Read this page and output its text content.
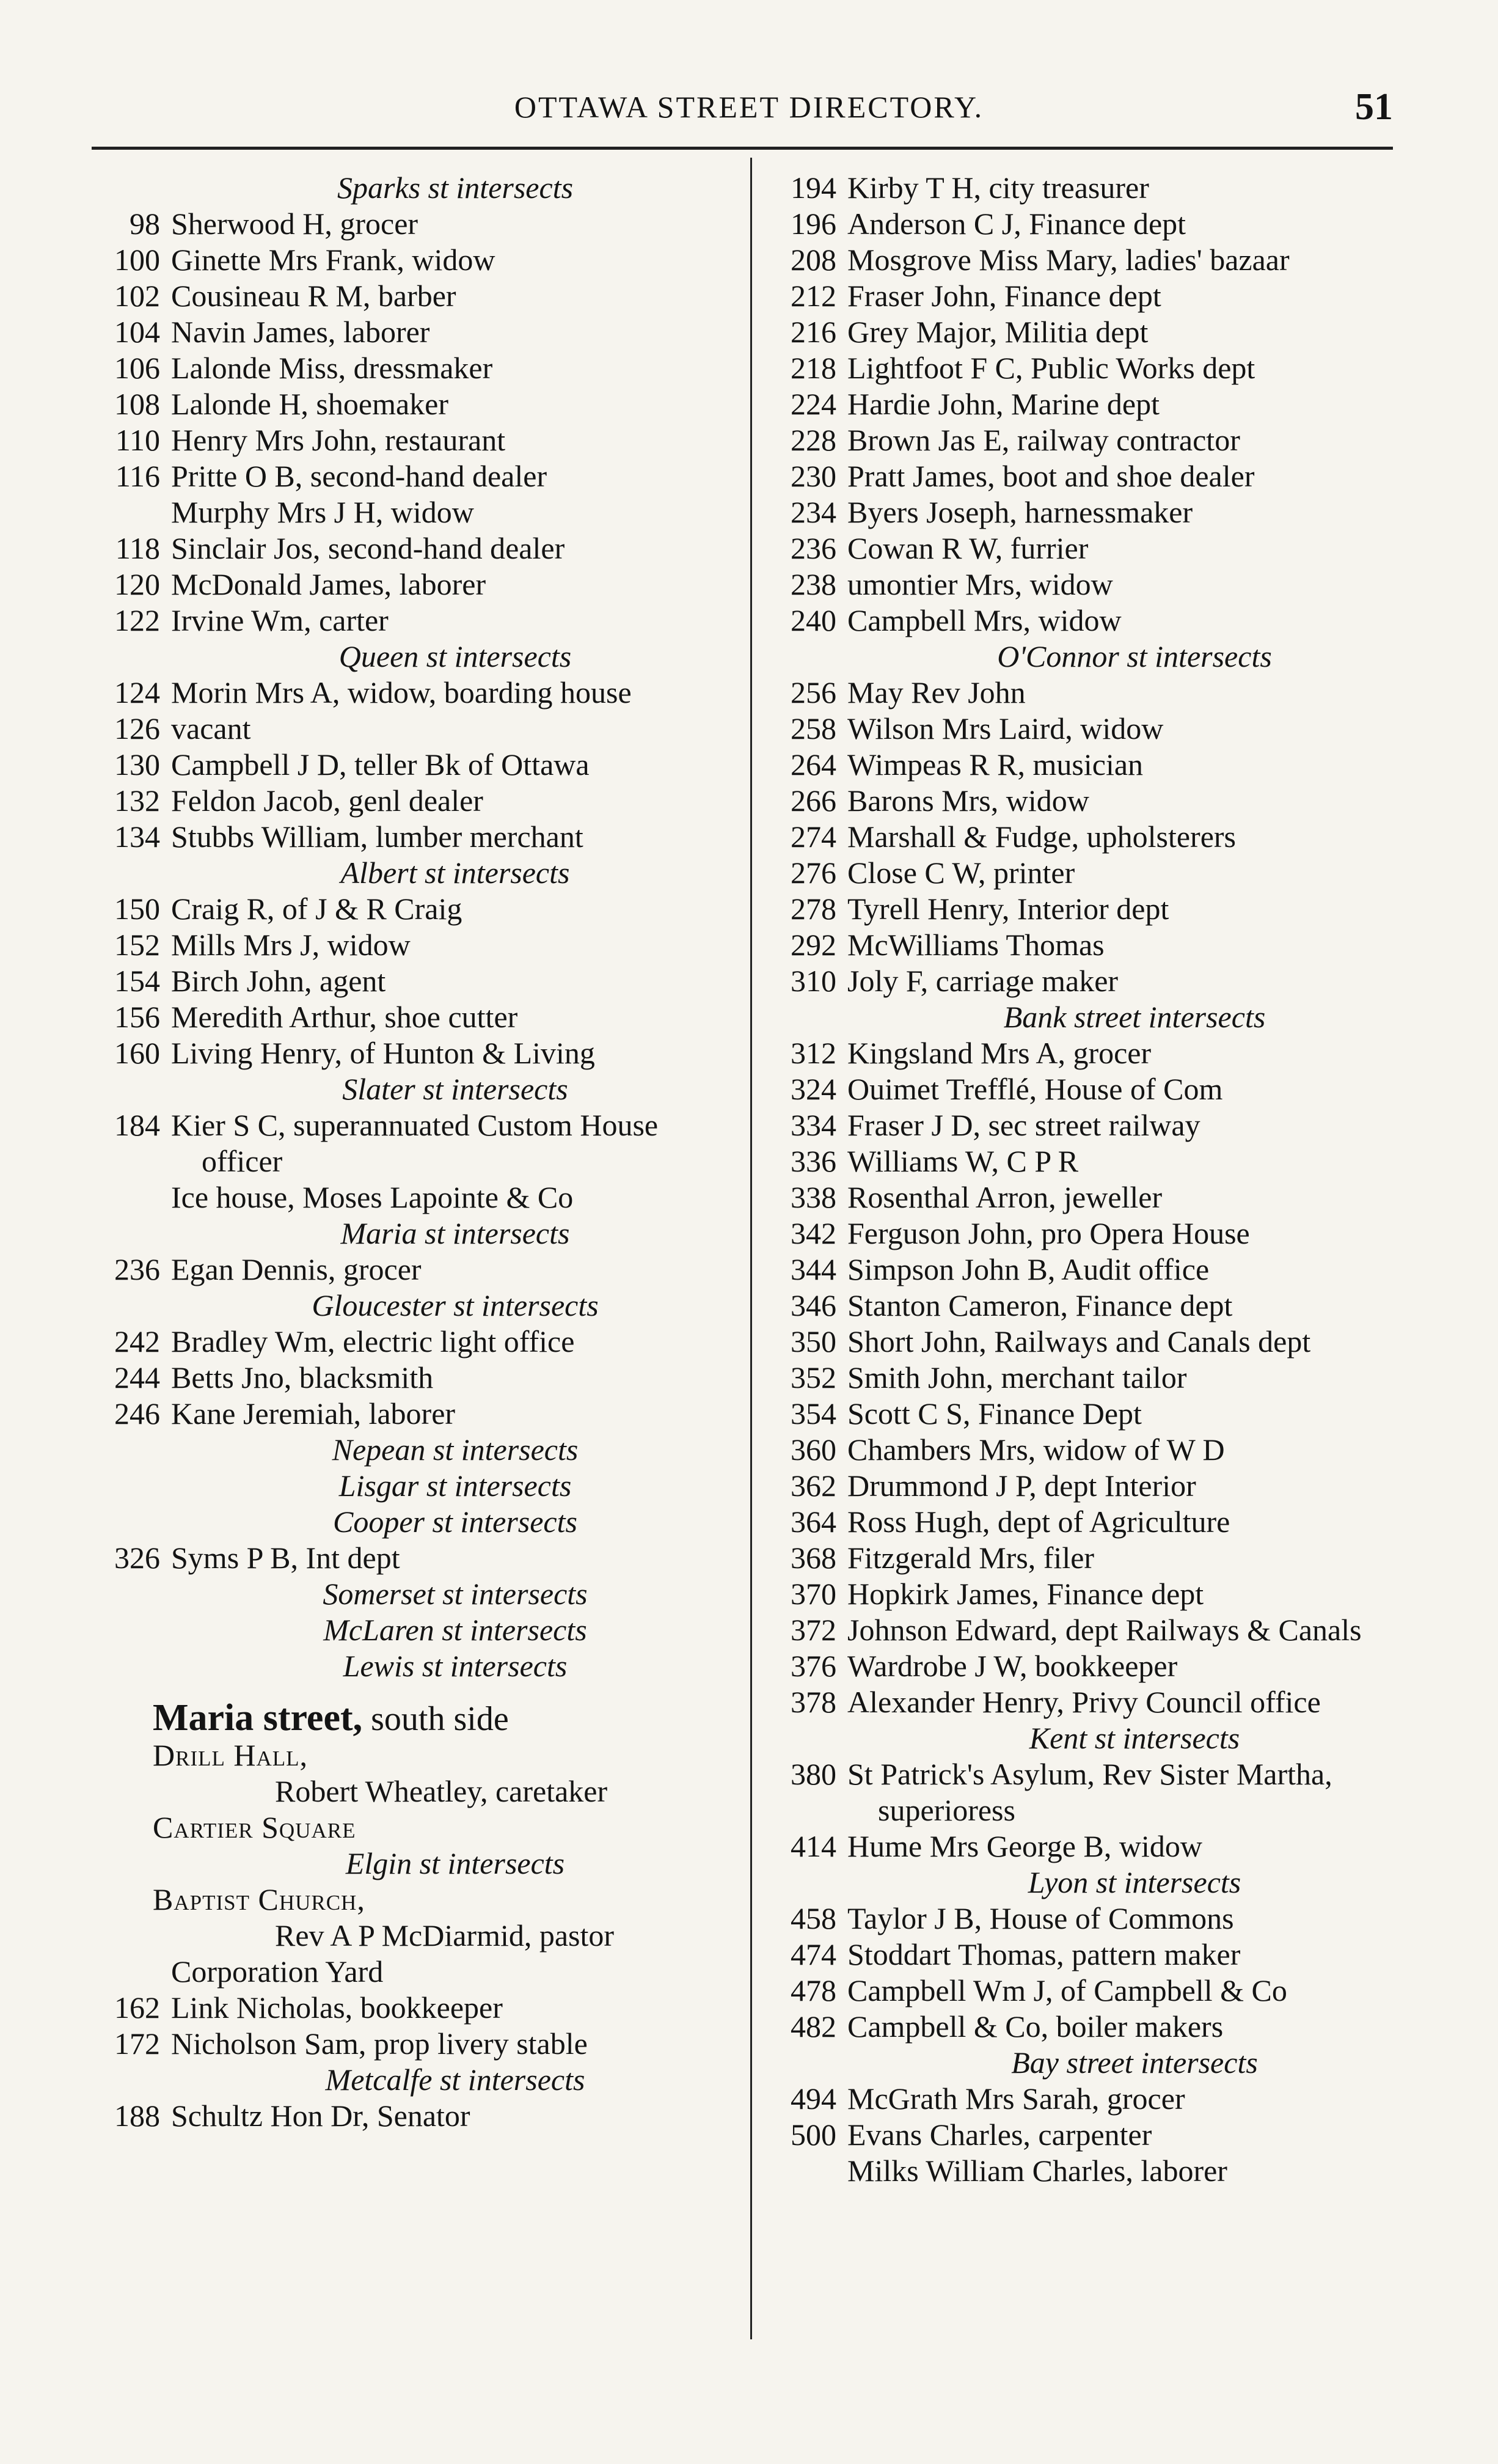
OTTAWA STREET DIRECTORY.	51
Sparks st intersects
98 Sherwood H, grocer
100 Ginette Mrs Frank, widow
102 Cousineau R M, barber
104 Navin James, laborer
106 Lalonde Miss, dressmaker
108 Lalonde H, shoemaker
110 Henry Mrs John, restaurant
116 Pritte O B, second-hand dealer
Murphy Mrs J H, widow
118 Sinclair Jos, second-hand dealer
120 McDonald James, laborer
122 Irvine Wm, carter
Queen st intersects
124 Morin Mrs A, widow, boarding house
126 vacant
130 Campbell J D, teller Bk of Ottawa
132 Feldon Jacob, genl dealer
134 Stubbs William, lumber merchant
Albert st intersects
150 Craig R, of J & R Craig
152 Mills Mrs J, widow
154 Birch John, agent
156 Meredith Arthur, shoe cutter
160 Living Henry, of Hunton & Living
Slater st intersects
184 Kier S C, superannuated Custom House officer
Ice house, Moses Lapointe & Co
Maria st intersects
236 Egan Dennis, grocer
Gloucester st intersects
242 Bradley Wm, electric light office
244 Betts Jno, blacksmith
246 Kane Jeremiah, laborer
Nepean st intersects
Lisgar st intersects
Cooper st intersects
326 Syms P B, Int dept
Somerset st intersects
McLaren st intersects
Lewis st intersects
Maria street, south side
Drill Hall,
Robert Wheatley, caretaker
Cartier Square
Elgin st intersects
Baptist Church,
Rev A P McDiarmid, pastor
Corporation Yard
162 Link Nicholas, bookkeeper
172 Nicholson Sam, prop livery stable
Metcalfe st intersects
188 Schultz Hon Dr, Senator
194 Kirby T H, city treasurer
196 Anderson C J, Finance dept
208 Mosgrove Miss Mary, ladies' bazaar
212 Fraser John, Finance dept
216 Grey Major, Militia dept
218 Lightfoot F C, Public Works dept
224 Hardie John, Marine dept
228 Brown Jas E, railway contractor
230 Pratt James, boot and shoe dealer
234 Byers Joseph, harnessmaker
236 Cowan R W, furrier
238 umontier Mrs, widow
240 Campbell Mrs, widow
O'Connor st intersects
256 May Rev John
258 Wilson Mrs Laird, widow
264 Wimpeas R R, musician
266 Barons Mrs, widow
274 Marshall & Fudge, upholsterers
276 Close C W, printer
278 Tyrell Henry, Interior dept
292 McWilliams Thomas
310 Joly F, carriage maker
Bank street intersects
312 Kingsland Mrs A, grocer
324 Ouimet Trefflé, House of Com
334 Fraser J D, sec street railway
336 Williams W, C P R
338 Rosenthal Arron, jeweller
342 Ferguson John, pro Opera House
344 Simpson John B, Audit office
346 Stanton Cameron, Finance dept
350 Short John, Railways and Canals dept
352 Smith John, merchant tailor
354 Scott C S, Finance Dept
360 Chambers Mrs, widow of W D
362 Drummond J P, dept Interior
364 Ross Hugh, dept of Agriculture
368 Fitzgerald Mrs, filer
370 Hopkirk James, Finance dept
372 Johnson Edward, dept Railways & Canals
376 Wardrobe J W, bookkeeper
378 Alexander Henry, Privy Council office
Kent st intersects
380 St Patrick's Asylum, Rev Sister Martha, superioress
414 Hume Mrs George B, widow
Lyon st intersects
458 Taylor J B, House of Commons
474 Stoddart Thomas, pattern maker
478 Campbell Wm J, of Campbell & Co
482 Campbell & Co, boiler makers
Bay street intersects
494 McGrath Mrs Sarah, grocer
500 Evans Charles, carpenter
Milks William Charles, laborer
